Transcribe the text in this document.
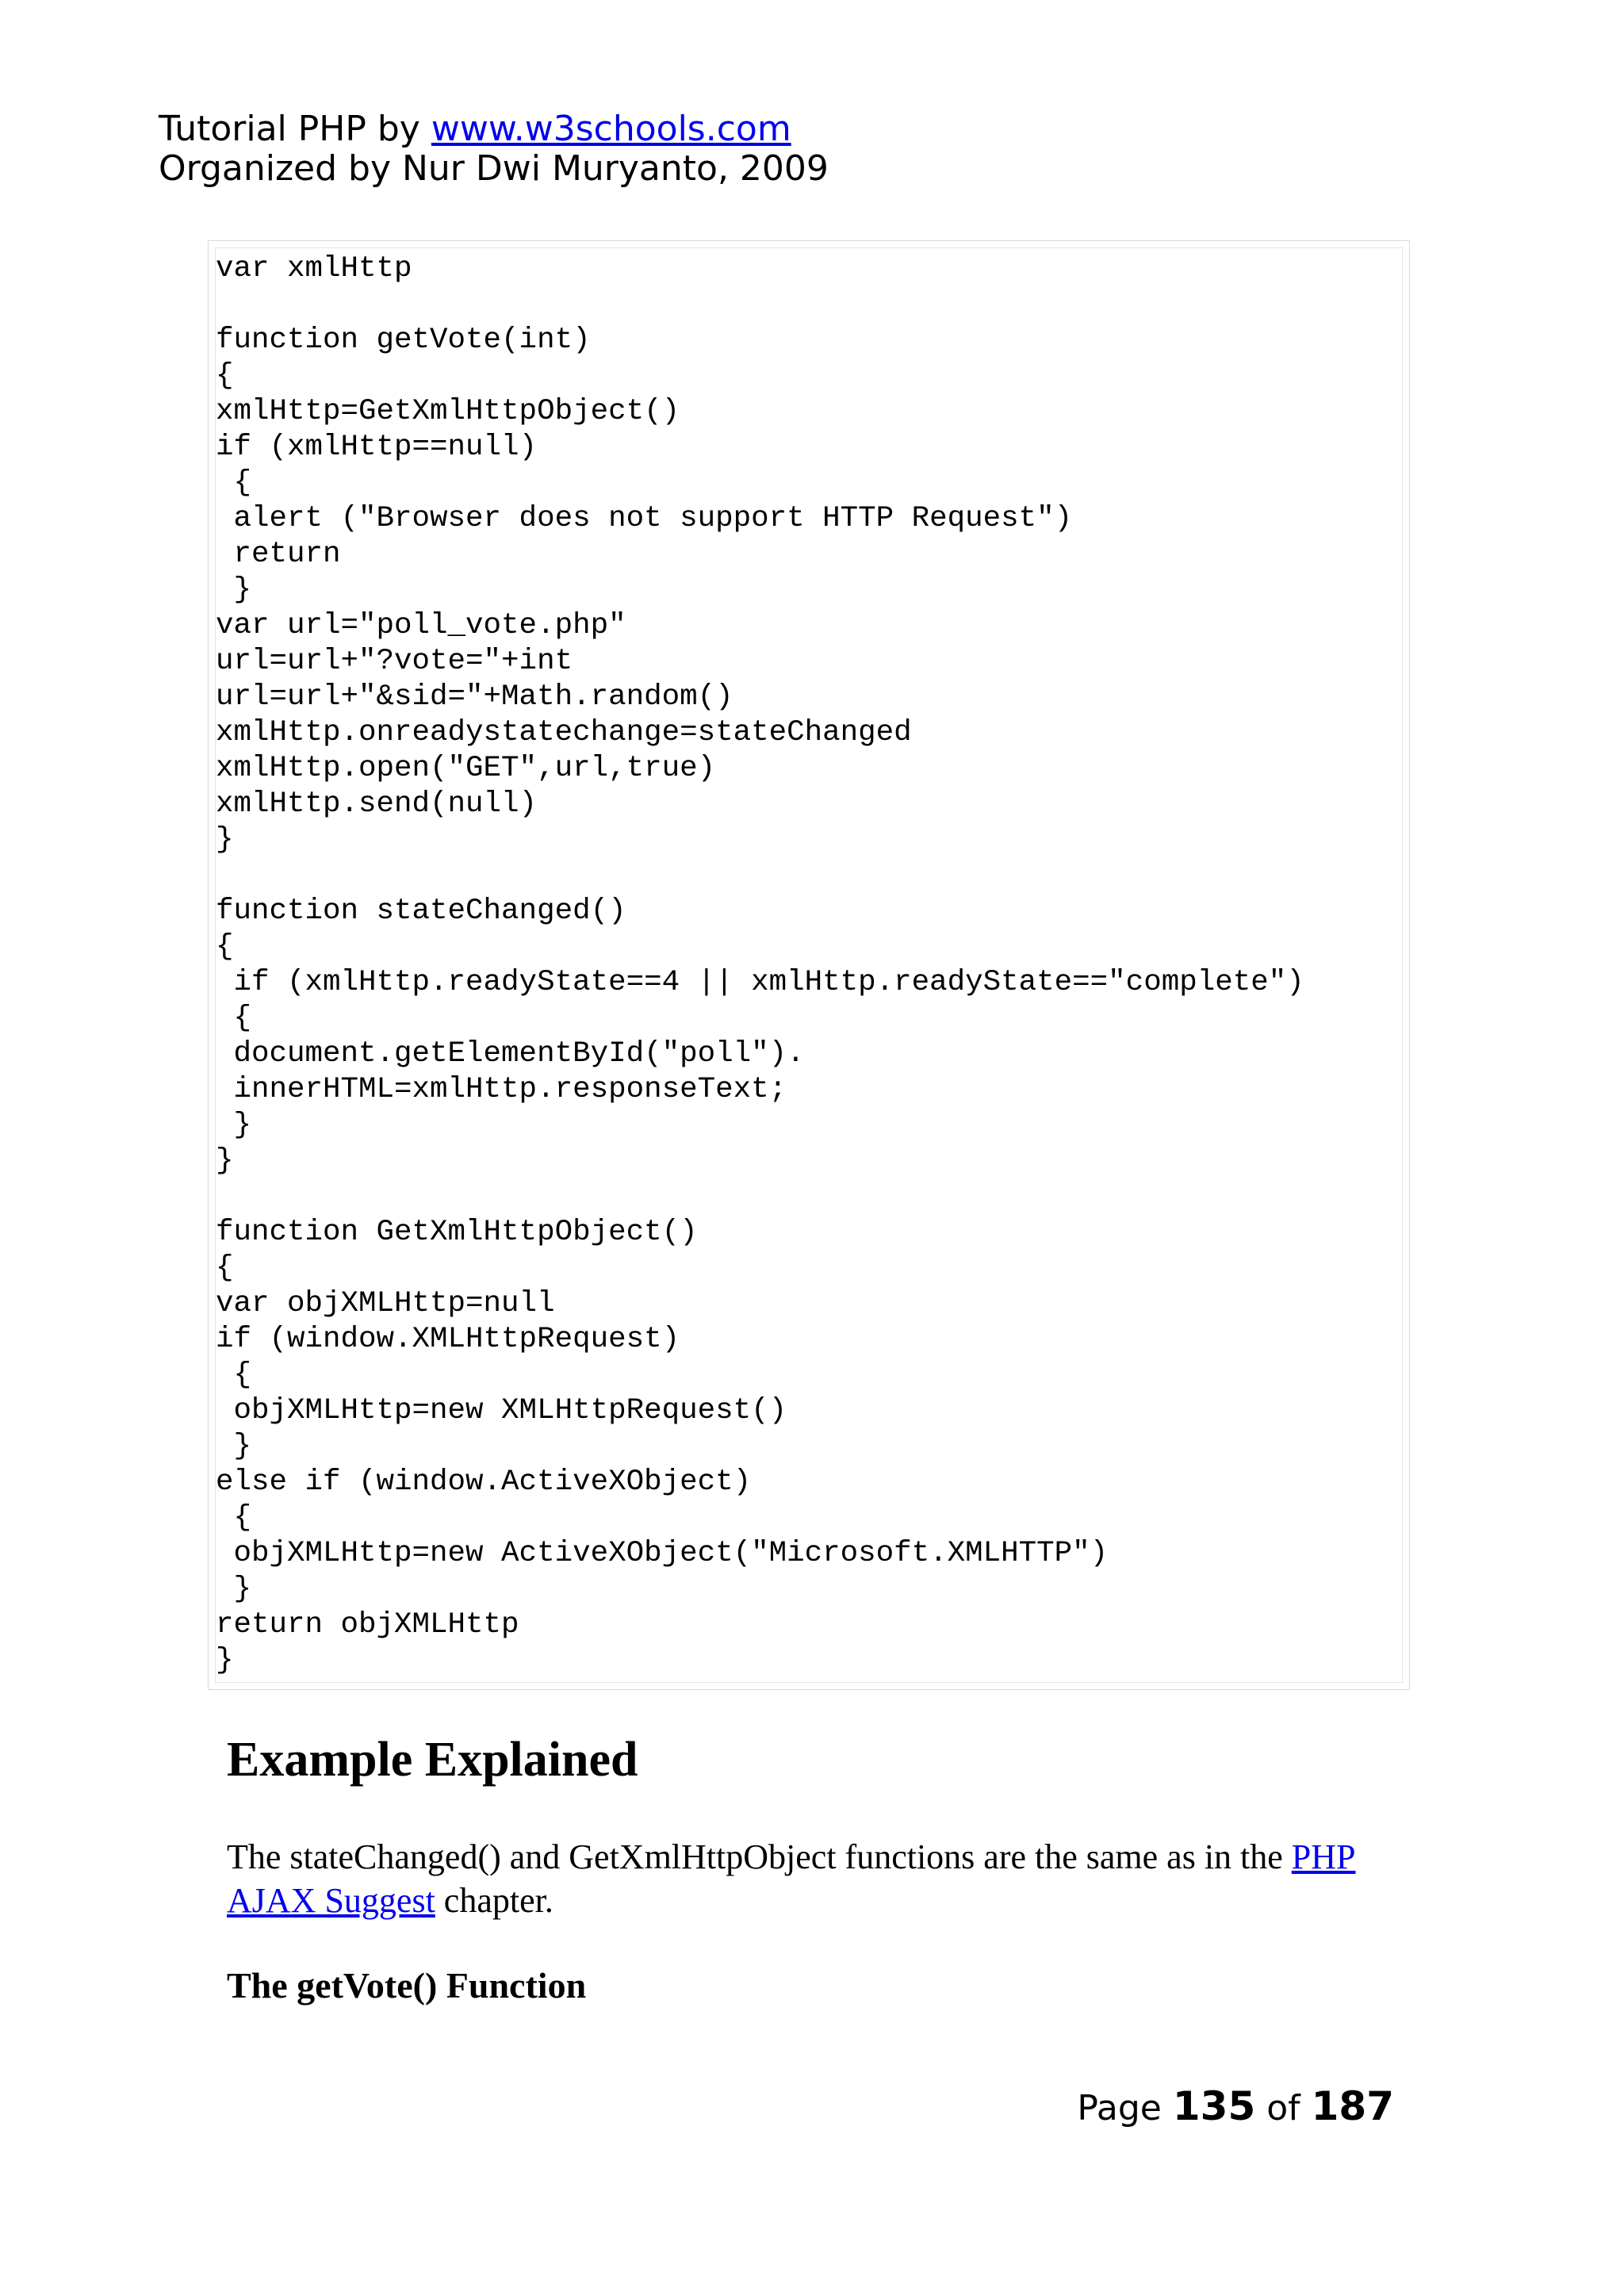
Tutorial PHP by www.w3schools.com
Organized by Nur Dwi Muryanto, 2009
var xmlHttp

function getVote(int)
{
xmlHttp=GetXmlHttpObject()
if (xmlHttp==null)
{
alert ("Browser does not support HTTP Request")
return
}
var url="poll_vote.php"
url=url+"?vote="+int
url=url+"&sid="+Math.random()
xmlHttp.onreadystatechange=stateChanged
xmlHttp.open("GET",url,true)
xmlHttp.send(null)
}

function stateChanged()
{
if (xmlHttp.readyState==4 || xmlHttp.readyState=="complete")
{
document.getElementById("poll").
innerHTML=xmlHttp.responseText;
}
}

function GetXmlHttpObject()
{
var objXMLHttp=null
if (window.XMLHttpRequest)
{
objXMLHttp=new XMLHttpRequest()
}
else if (window.ActiveXObject)
{
objXMLHttp=new ActiveXObject("Microsoft.XMLHTTP")
}
return objXMLHttp
}
Example Explained

The stateChanged() and GetXmlHttpObject functions are the same as in the PHP AJAX Suggest chapter.

The getVote() Function
Page 135 of 187
